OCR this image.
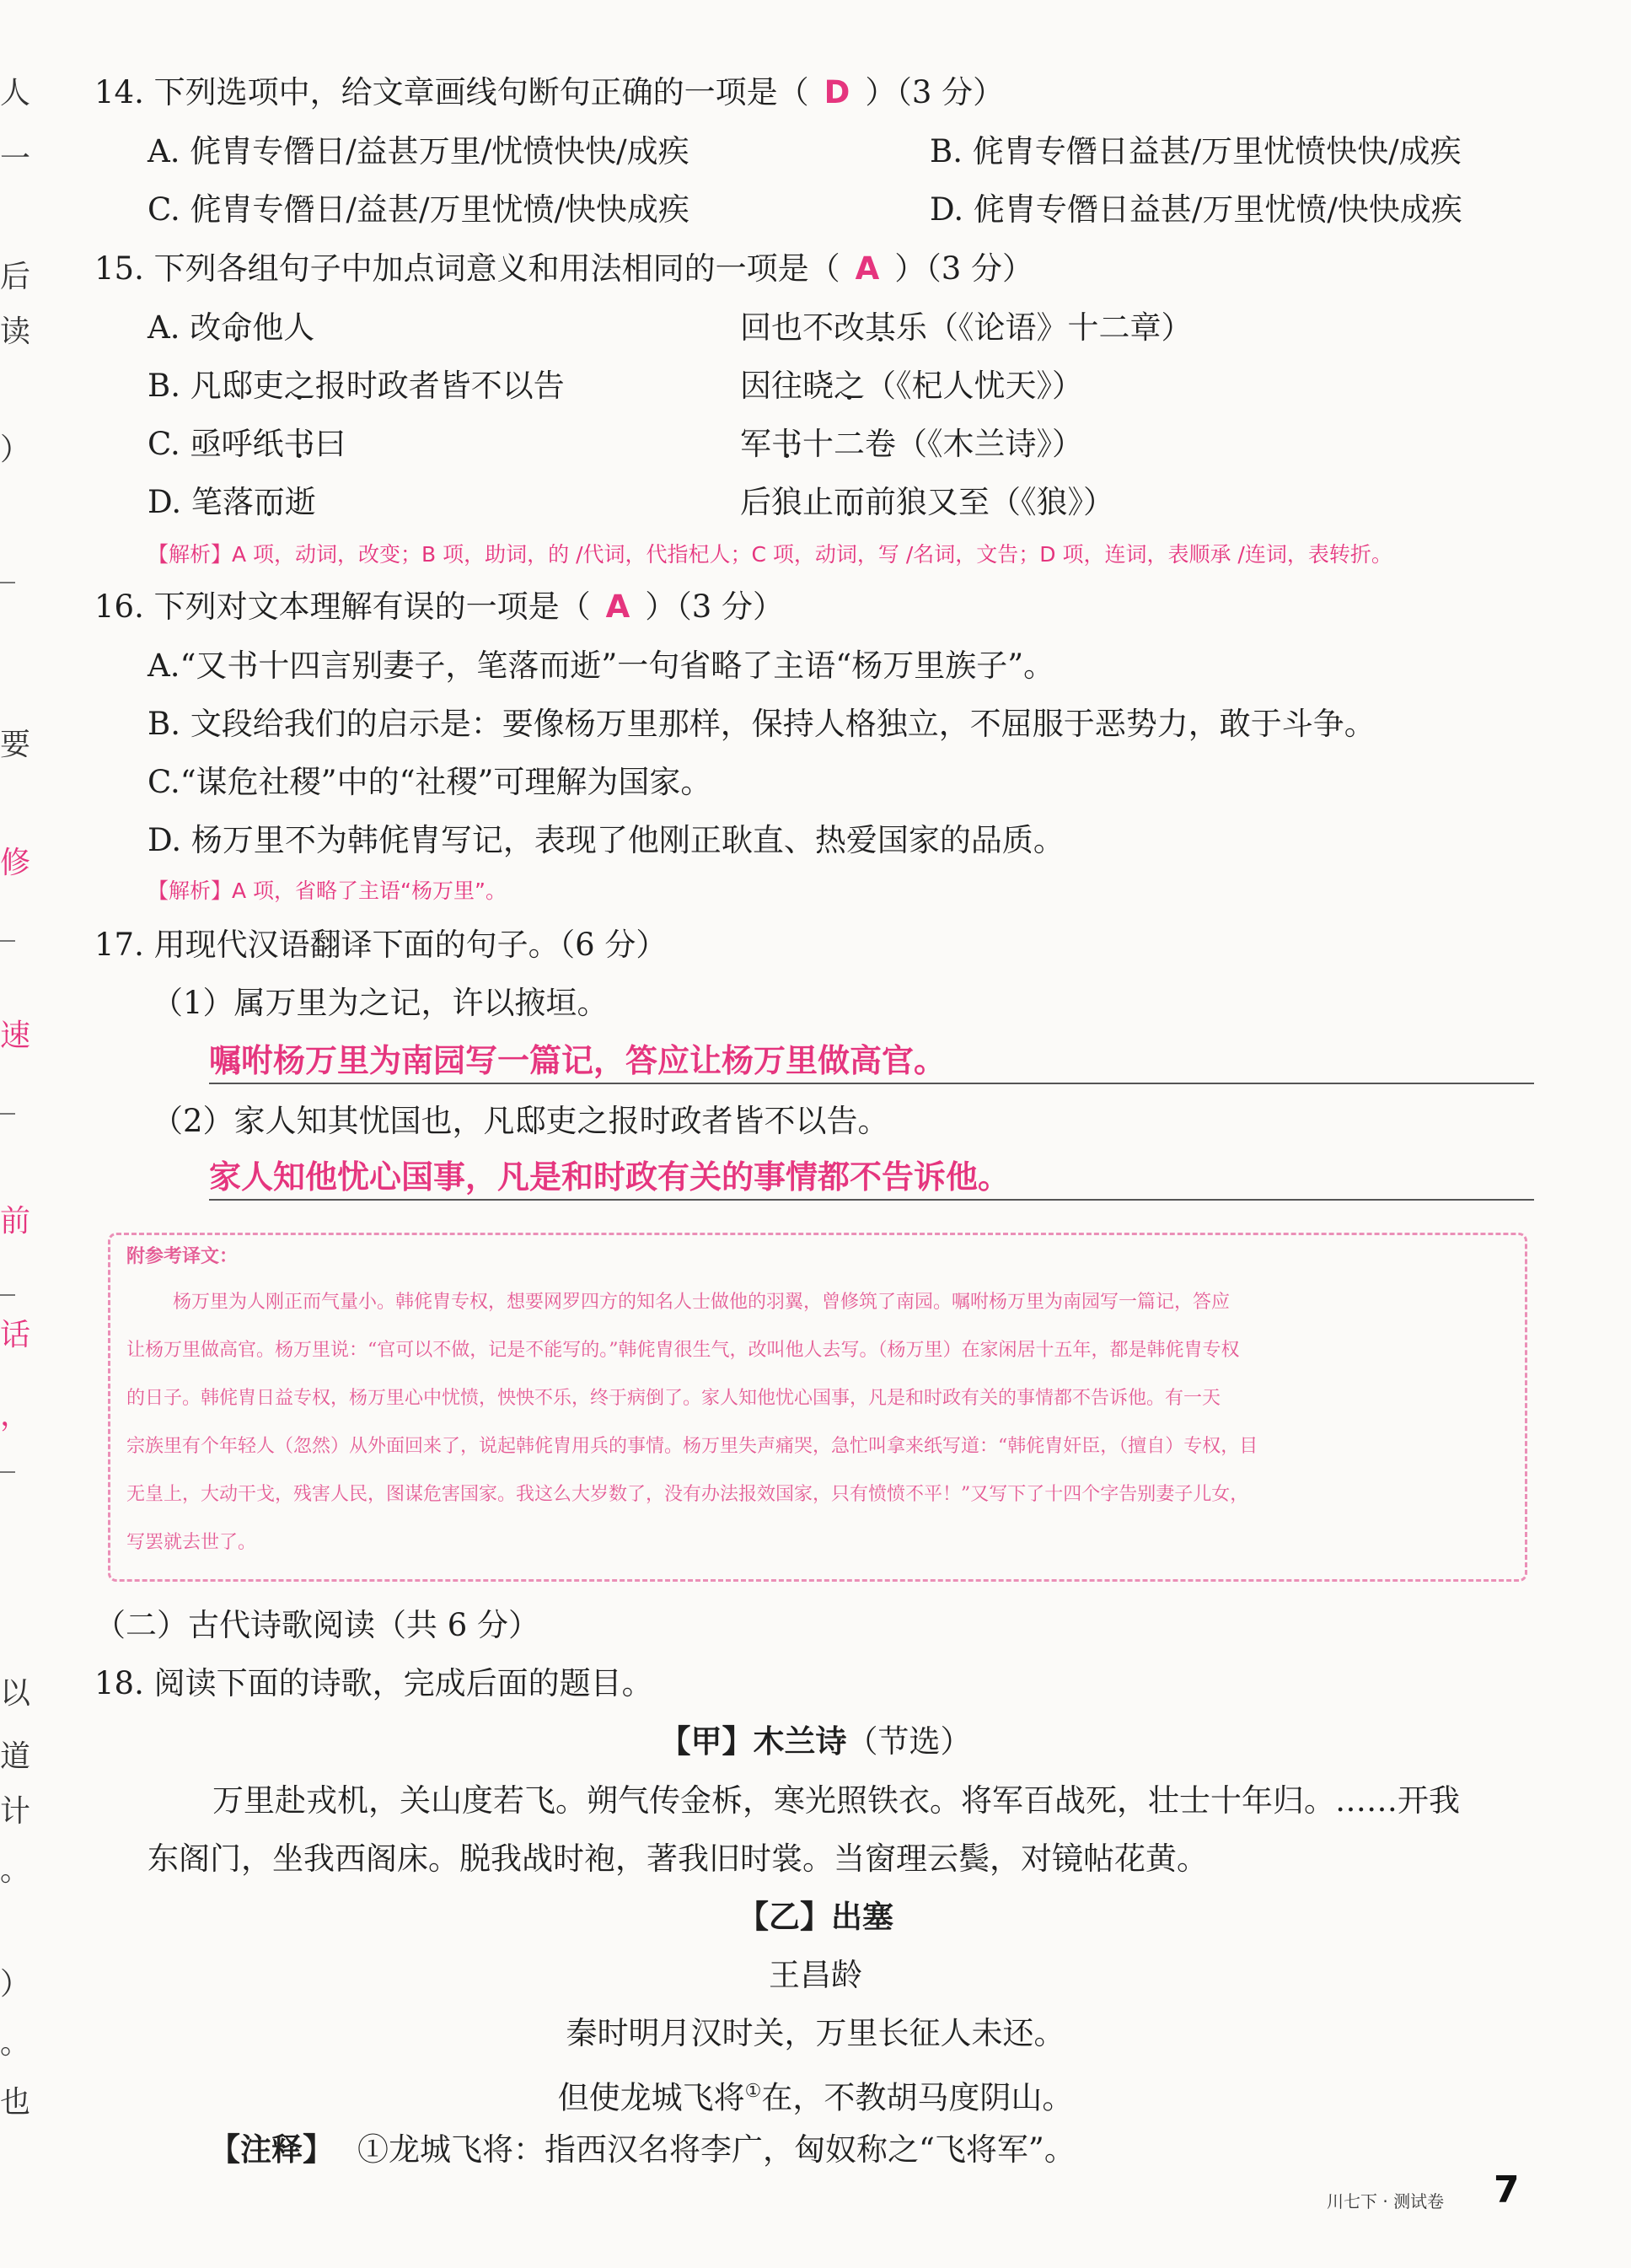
人
一
后
读
）
要
修
速
前
话
，
以
道
计
。
）
。
也
14. 下列选项中，给文章画线句断句正确的一项是（ D ）（3 分）
A. 侂胄专僭日/益甚万里/忧愤快快/成疾	B. 侂胄专僭日益甚/万里忧愤快快/成疾
C. 侂胄专僭日/益甚/万里忧愤/快快成疾	D. 侂胄专僭日益甚/万里忧愤/快快成疾
15. 下列各组句子中加点词意义和用法相同的一项是（ A ）（3 分）
A. 改命他人	回也不改其乐（《论语》十二章）
B. 凡邸吏之报时政者皆不以告	因往晓之（《杞人忧天》）
C. 亟呼纸书曰	军书十二卷（《木兰诗》）
D. 笔落而逝	后狼止而前狼又至（《狼》）
【解析】A 项，动词，改变；B 项，助词，的 /代词，代指杞人；C 项，动词，写 /名词，文告；D 项，连词，表顺承 /连词，表转折。
16. 下列对文本理解有误的一项是（ A ）（3 分）
A.“又书十四言别妻子，笔落而逝”一句省略了主语“杨万里族子”。
B. 文段给我们的启示是：要像杨万里那样，保持人格独立，不屈服于恶势力，敢于斗争。
C.“谋危社稷”中的“社稷”可理解为国家。
D. 杨万里不为韩侂胄写记，表现了他刚正耿直、热爱国家的品质。
【解析】A 项，省略了主语“杨万里”。
17. 用现代汉语翻译下面的句子。（6 分）
（1）属万里为之记，许以掖垣。
嘱咐杨万里为南园写一篇记，答应让杨万里做高官。
（2）家人知其忧国也，凡邸吏之报时政者皆不以告。
家人知他忧心国事，凡是和时政有关的事情都不告诉他。
附参考译文：
杨万里为人刚正而气量小。韩侂胄专权，想要网罗四方的知名人士做他的羽翼，曾修筑了南园。嘱咐杨万里为南园写一篇记，答应
让杨万里做高官。杨万里说：“官可以不做，记是不能写的。”韩侂胄很生气，改叫他人去写。（杨万里）在家闲居十五年，都是韩侂胄专权
的日子。韩侂胄日益专权，杨万里心中忧愤，怏怏不乐，终于病倒了。家人知他忧心国事，凡是和时政有关的事情都不告诉他。有一天
宗族里有个年轻人（忽然）从外面回来了，说起韩侂胄用兵的事情。杨万里失声痛哭，急忙叫拿来纸写道：“韩侂胄奸臣，（擅自）专权，目
无皇上，大动干戈，残害人民，图谋危害国家。我这么大岁数了，没有办法报效国家，只有愤愤不平！”又写下了十四个字告别妻子儿女，
写罢就去世了。
（二）古代诗歌阅读（共 6 分）
18. 阅读下面的诗歌，完成后面的题目。
【甲】木兰诗（节选）
万里赴戎机，关山度若飞。朔气传金柝，寒光照铁衣。将军百战死，壮士十年归。……开我
东阁门，坐我西阁床。脱我战时袍，著我旧时裳。当窗理云鬓，对镜帖花黄。
【乙】出塞
王昌龄
秦时明月汉时关，万里长征人未还。
但使龙城飞将①在，不教胡马度阴山。
【注释】 ①龙城飞将：指西汉名将李广，匈奴称之“飞将军”。
川七下 · 测试卷 7
